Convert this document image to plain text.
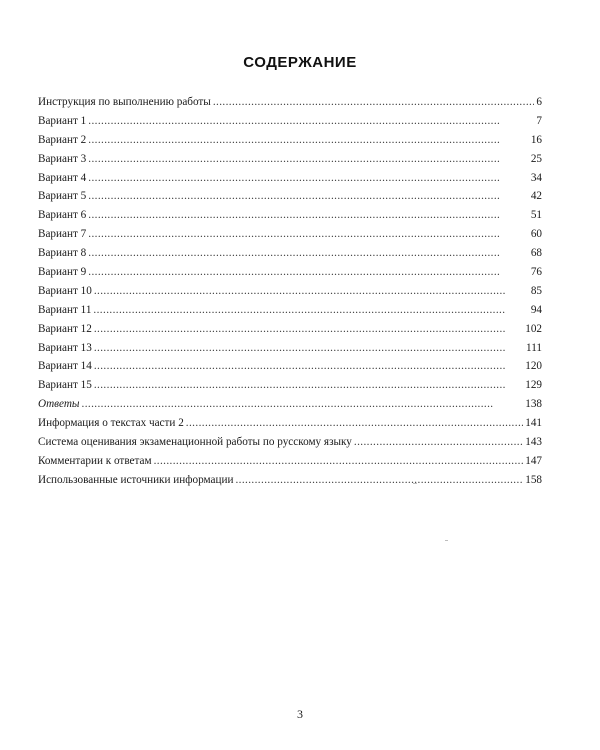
СОДЕРЖАНИЕ
Инструкция по выполнению работы . . .	6
Вариант 1 . . .	7
Вариант 2 . . .	16
Вариант 3 . . .	25
Вариант 4 . . .	34
Вариант 5 . . .	42
Вариант 6 . . .	51
Вариант 7 . . .	60
Вариант 8 . . .	68
Вариант 9 . . .	76
Вариант 10 . . .	85
Вариант 11 . . .	94
Вариант 12 . . .	102
Вариант 13 . . .	111
Вариант 14 . . .	120
Вариант 15 . . .	129
Ответы . . .	138
Информация о текстах части 2 . . .	141
Система оценивания экзаменационной работы по русскому языку . . .	143
Комментарии к ответам . . .	147
Использованные источники информации . . .	158
3
